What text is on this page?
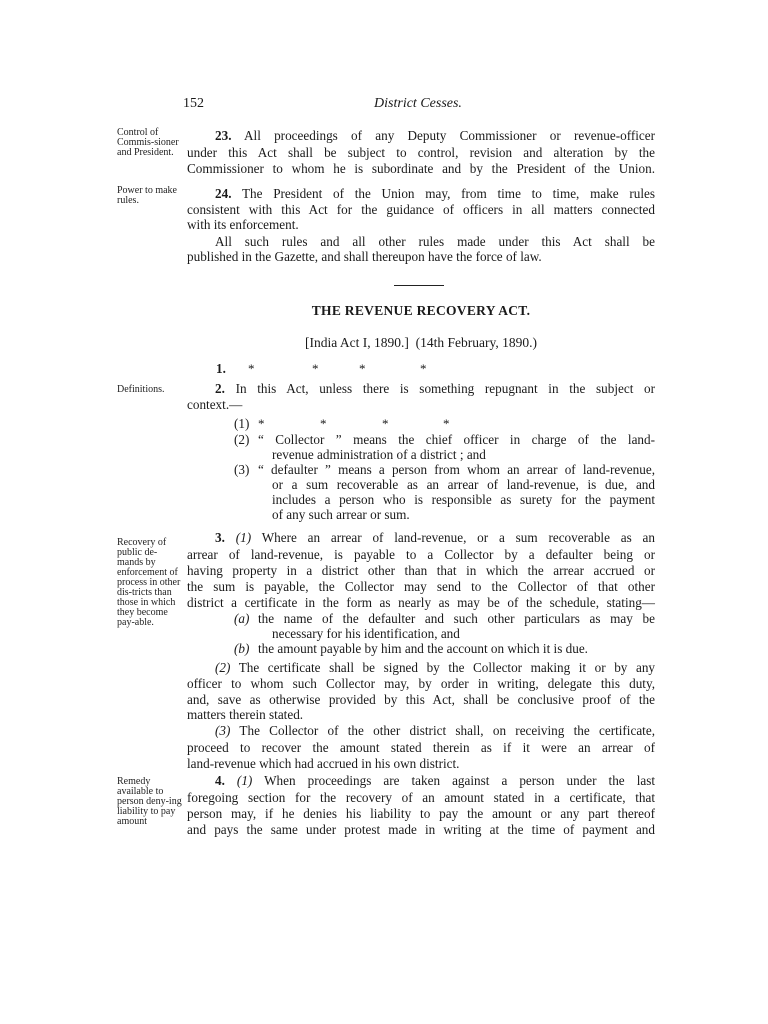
152	District Cesses.
Control of Commis-sioner and President.
23. All proceedings of any Deputy Commissioner or revenue-officer
under this Act shall be subject to control, revision and alteration by the
Commissioner to whom he is subordinate and by the President of the Union.
Power to make rules.	24. The President of the Union may, from time to time, make rules
consistent with this Act for the guidance of officers in all matters connected
with its enforcement.
All such rules and all other rules made under this Act shall be
published in the Gazette, and shall thereupon have the force of law.
THE REVENUE RECOVERY ACT.
[India Act I, 1890.] (14th February, 1890.)
1.	*	*	*	*
Definitions.	2. In this Act, unless there is something repugnant in the subject or
context.—
(1) *	*	*	*
(2) “ Collector ” means the chief officer in charge of the land-
revenue administration of a district ; and
(3) “ defaulter ” means a person from whom an arrear of land-revenue,
or a sum recoverable as an arrear of land-revenue, is due, and
includes a person who is responsible as surety for the payment
of any such arrear or sum.
Recovery of public de-mands by enforcement of process in other dis-tricts than those in which they become pay-able.
3. (1) Where an arrear of land-revenue, or a sum recoverable as an
arrear of land-revenue, is payable to a Collector by a defaulter being or
having property in a district other than that in which the arrear accrued or
the sum is payable, the Collector may send to the Collector of that other
district a certificate in the form as nearly as may be of the schedule, stating—
(a) the name of the defaulter and such other particulars as may be
necessary for his identification, and
(b) the amount payable by him and the account on which it is due.
(2) The certificate shall be signed by the Collector making it or by any
officer to whom such Collector may, by order in writing, delegate this duty,
and, save as otherwise provided by this Act, shall be conclusive proof of the
matters therein stated.
(3) The Collector of the other district shall, on receiving the certificate,
proceed to recover the amount stated therein as if it were an arrear of
land-revenue which had accrued in his own district.
Remedy available to person deny-ing liability to pay amount
4. (1) When proceedings are taken against a person under the last
foregoing section for the recovery of an amount stated in a certificate, that
person may, if he denies his liability to pay the amount or any part thereof
and pays the same under protest made in writing at the time of payment and
